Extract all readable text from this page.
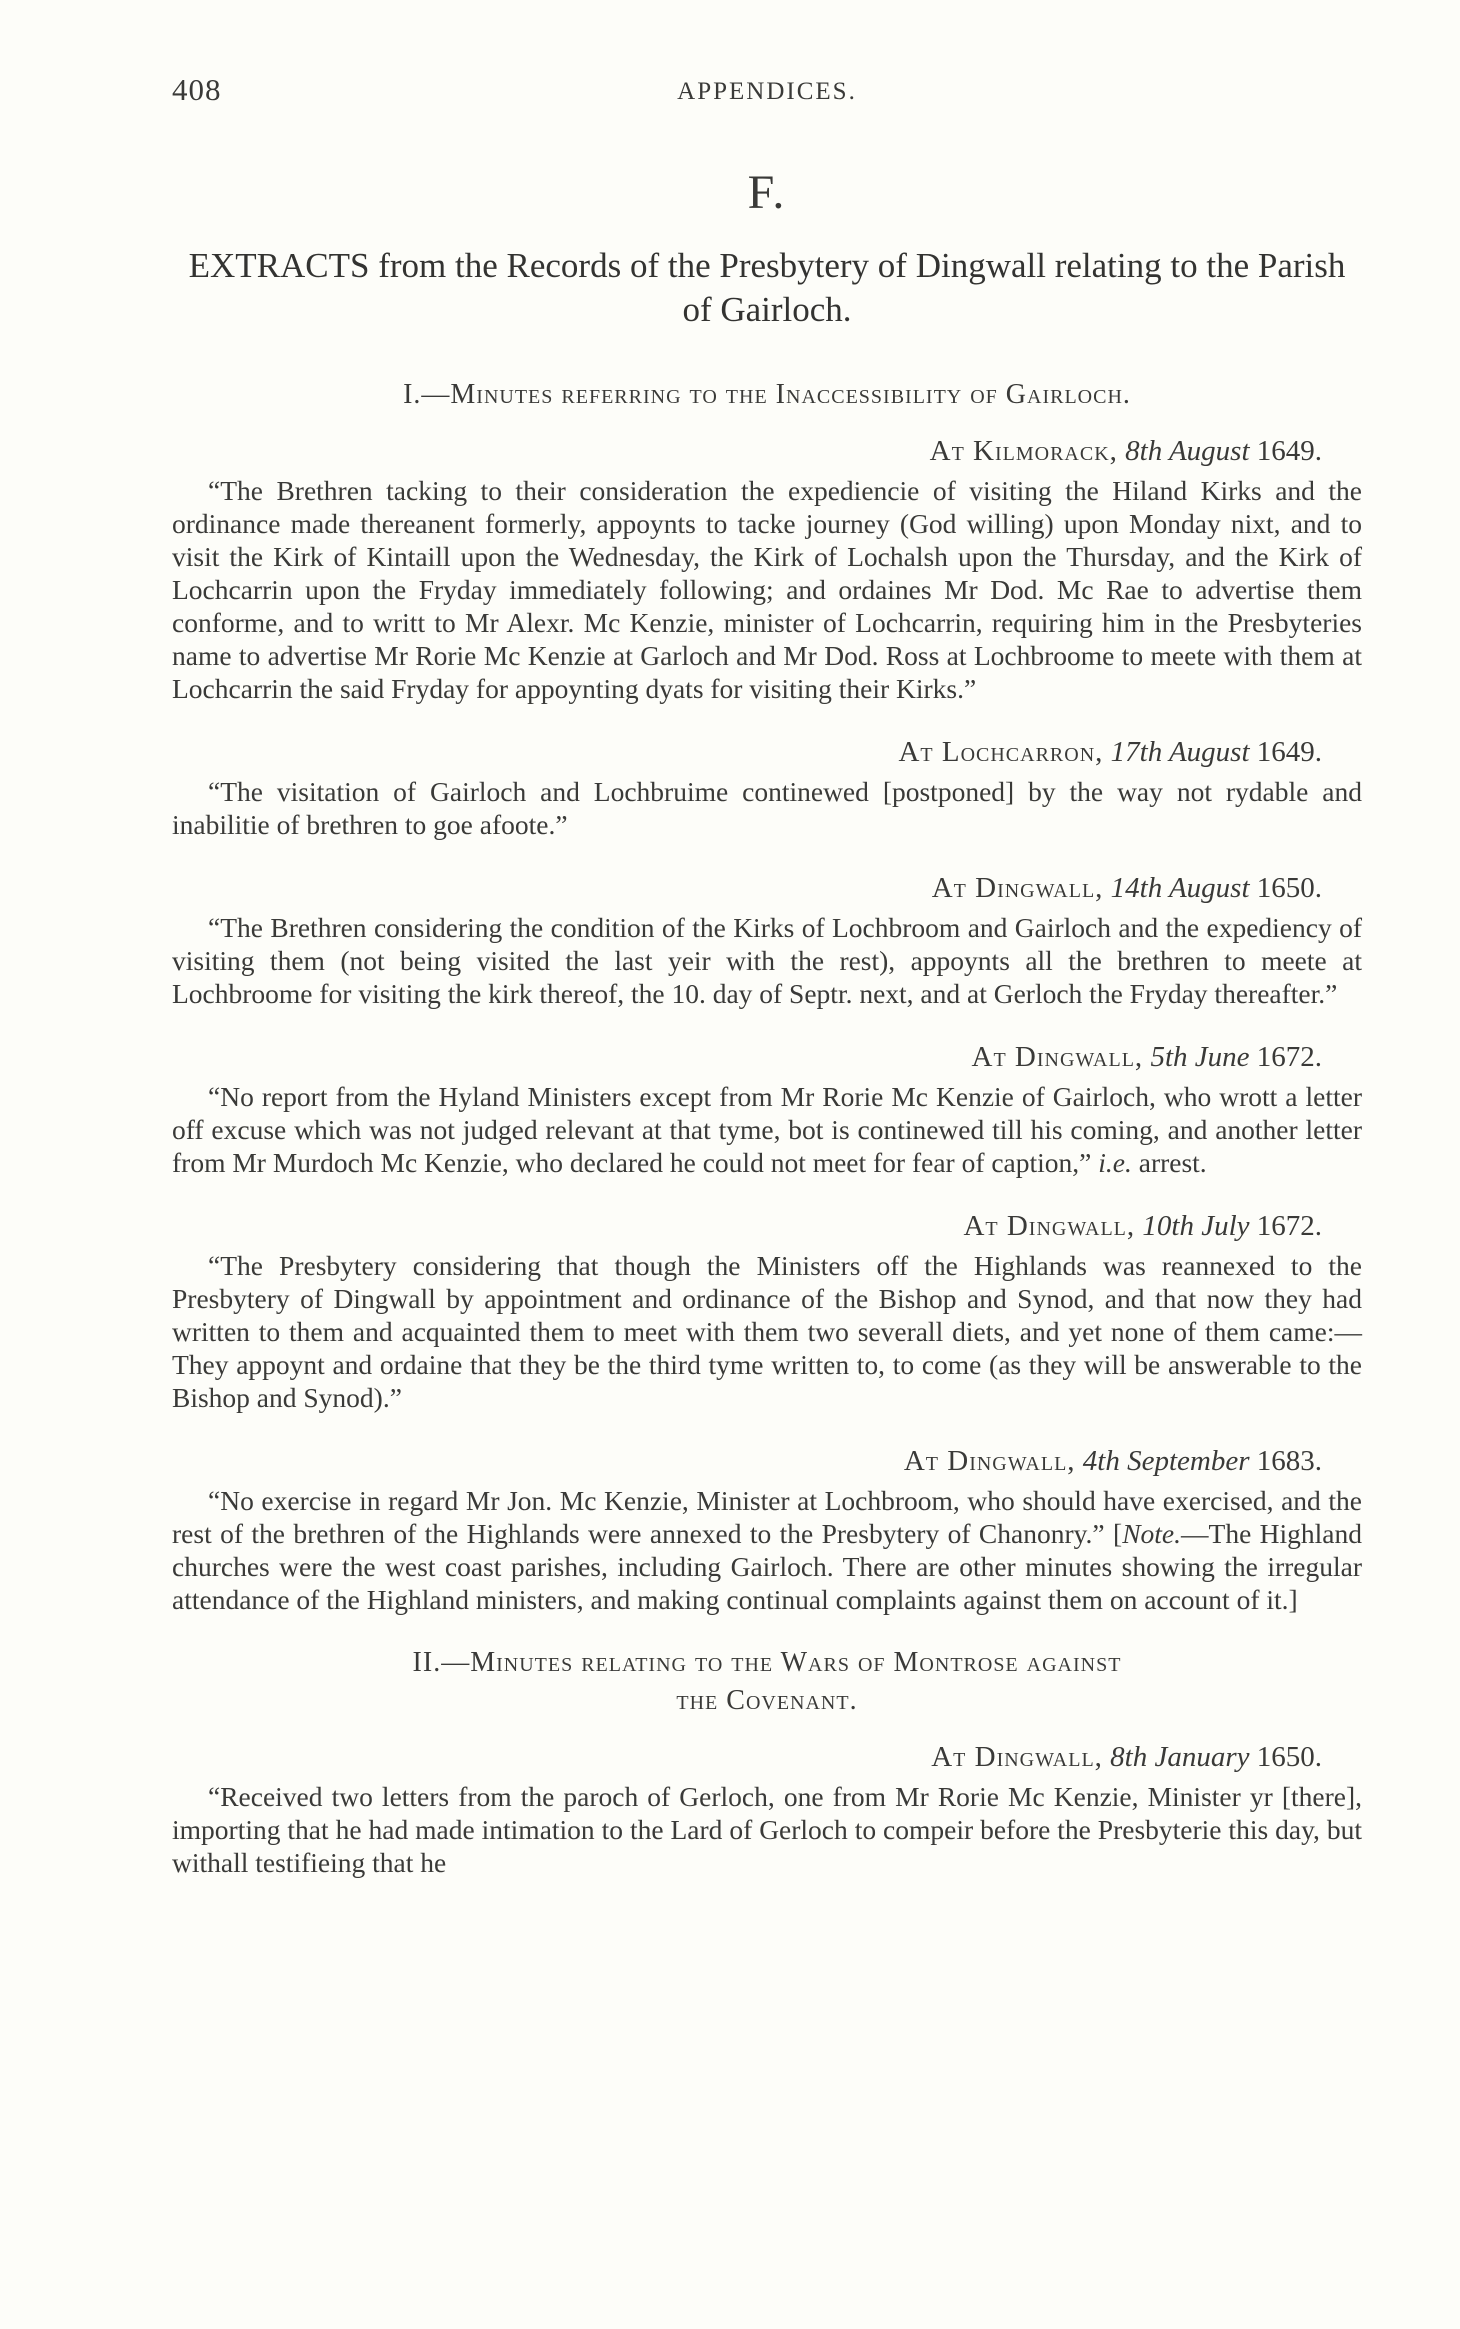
408	APPENDICES.
F.
EXTRACTS from the Records of the Presbytery of Dingwall relating to the Parish of Gairloch.
I.—Minutes referring to the Inaccessibility of Gairloch.
At Kilmorack, 8th August 1649.

“The Brethren tacking to their consideration the expediencie of visiting the Hiland Kirks and the ordinance made thereanent formerly, appoynts to tacke journey (God willing) upon Monday nixt, and to visit the Kirk of Kintaill upon the Wednesday, the Kirk of Lochalsh upon the Thursday, and the Kirk of Lochcarrin upon the Fryday immediately following; and ordaines Mr Dod. Mc Rae to advertise them conforme, and to writt to Mr Alexr. Mc Kenzie, minister of Lochcarrin, requiring him in the Presbyteries name to advertise Mr Rorie Mc Kenzie at Garloch and Mr Dod. Ross at Lochbroome to meete with them at Lochcarrin the said Fryday for appoynting dyats for visiting their Kirks.”

At Lochcarron, 17th August 1649.

“The visitation of Gairloch and Lochbruime continewed [postponed] by the way not rydable and inabilitie of brethren to goe afoote.”

At Dingwall, 14th August 1650.

“The Brethren considering the condition of the Kirks of Lochbroom and Gairloch and the expediency of visiting them (not being visited the last yeir with the rest), appoynts all the brethren to meete at Lochbroome for visiting the kirk thereof, the 10. day of Septr. next, and at Gerloch the Fryday thereafter.”

At Dingwall, 5th June 1672.

“No report from the Hyland Ministers except from Mr Rorie Mc Kenzie of Gairloch, who wrott a letter off excuse which was not judged relevant at that tyme, bot is continewed till his coming, and another letter from Mr Murdoch Mc Kenzie, who declared he could not meet for fear of caption,” i.e. arrest.

At Dingwall, 10th July 1672.

“The Presbytery considering that though the Ministers off the Highlands was reannexed to the Presbytery of Dingwall by appointment and ordinance of the Bishop and Synod, and that now they had written to them and acquainted them to meet with them two severall diets, and yet none of them came:—They appoynt and ordaine that they be the third tyme written to, to come (as they will be answerable to the Bishop and Synod).”

At Dingwall, 4th September 1683.

“No exercise in regard Mr Jon. Mc Kenzie, Minister at Lochbroom, who should have exercised, and the rest of the brethren of the Highlands were annexed to the Presbytery of Chanonry.” [Note.—The Highland churches were the west coast parishes, including Gairloch. There are other minutes showing the irregular attendance of the Highland ministers, and making continual complaints against them on account of it.]

II.—Minutes relating to the Wars of Montrose against
the Covenant.
At Dingwall, 8th January 1650.

“Received two letters from the paroch of Gerloch, one from Mr Rorie Mc Kenzie, Minister yr [there], importing that he had made intimation to the Lard of Gerloch to compeir before the Presbyterie this day, but withall testifieing that he
